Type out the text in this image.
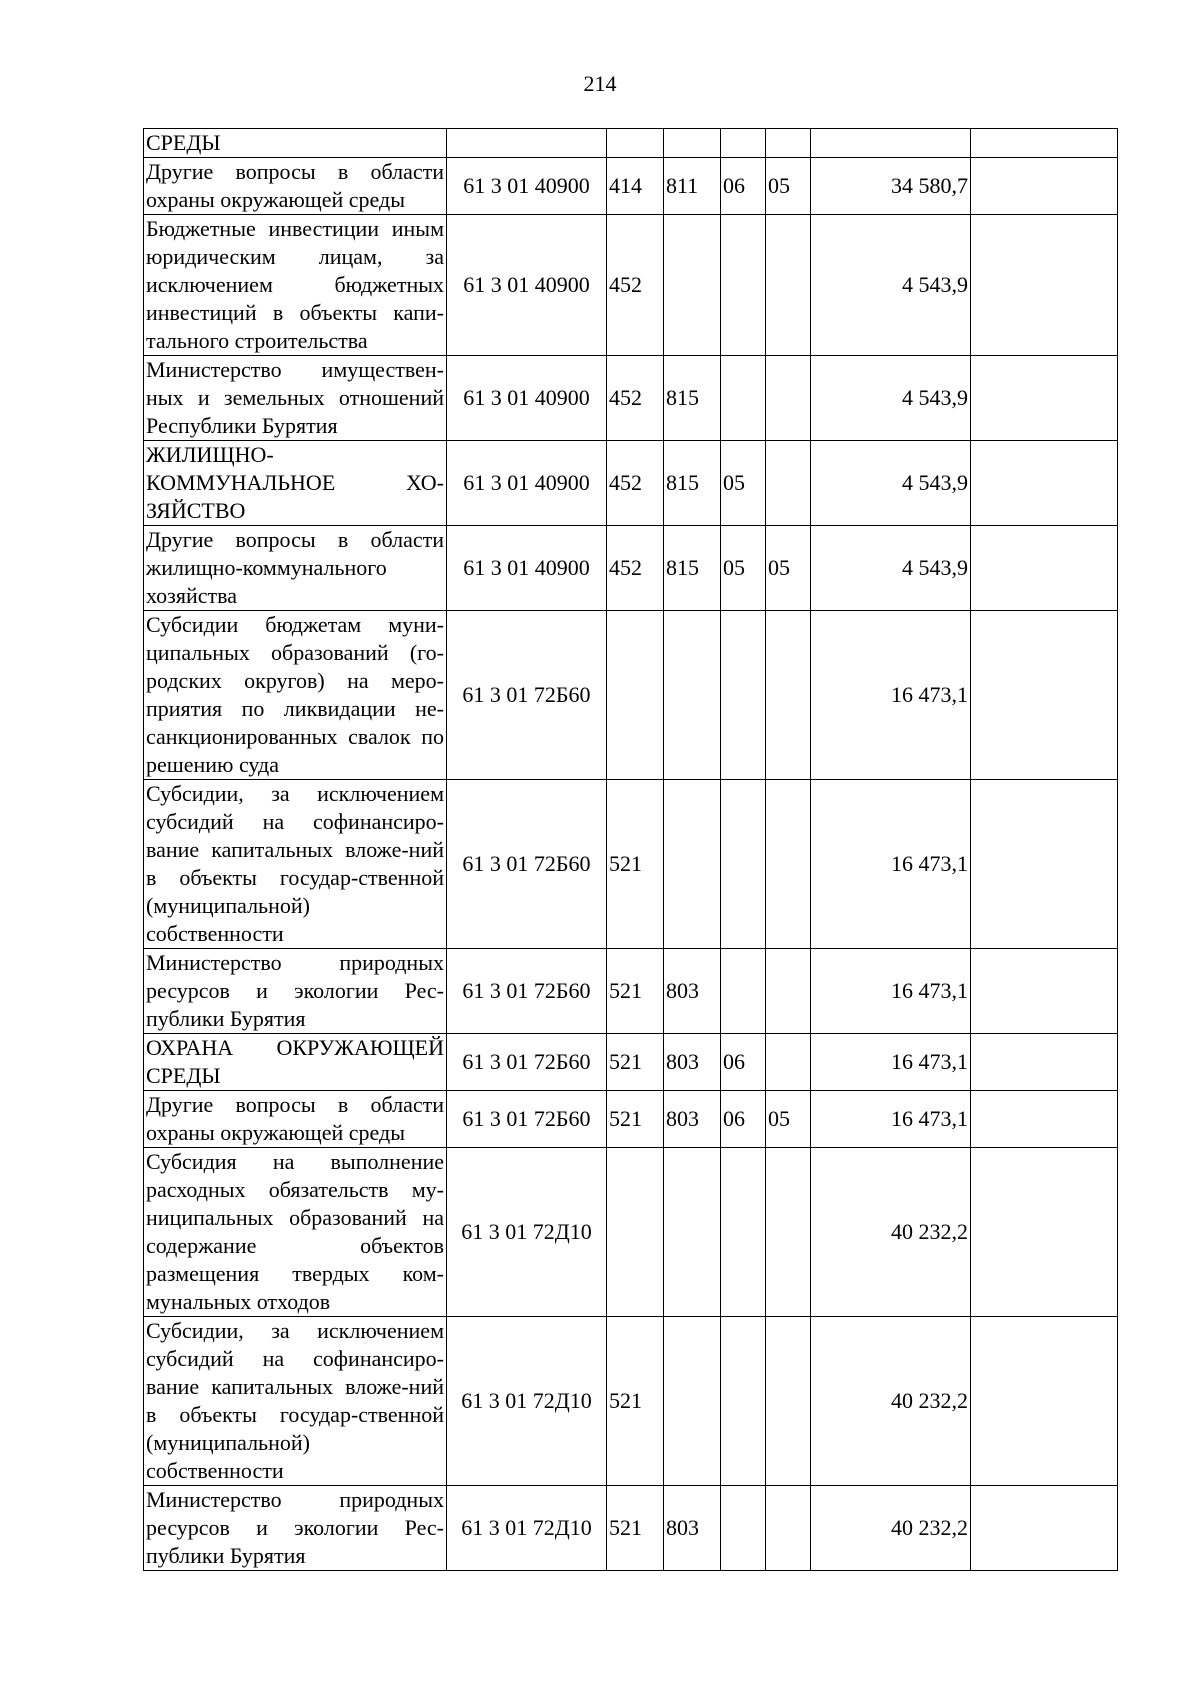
214
СРЕДЫ							
Другие вопросы в области охраны окружающей среды	61 3 01 40900	414	811	06	05	34 580,7	
Бюджетные инвестиции иным юридическим лицам, за исключением бюджетных инвестиций в объекты капи-тального строительства	61 3 01 40900	452				4 543,9	
Министерство имуществен-ных и земельных отношений Республики Бурятия	61 3 01 40900	452	815			4 543,9	
ЖИЛИЩНО-КОММУНАЛЬНОЕ ХО-ЗЯЙСТВО	61 3 01 40900	452	815	05		4 543,9	
Другие вопросы в области жилищно-коммунального хозяйства	61 3 01 40900	452	815	05	05	4 543,9	
Субсидии бюджетам муни-ципальных образований (го-родских округов) на меро-приятия по ликвидации не-санкционированных свалок по решению суда	61 3 01 72Б60					16 473,1	
Субсидии, за исключением субсидий на софинансиро-вание капитальных вложе-ний в объекты государ-ственной (муниципальной) собственности	61 3 01 72Б60	521				16 473,1	
Министерство природных ресурсов и экологии Рес-публики Бурятия	61 3 01 72Б60	521	803			16 473,1	
ОХРАНА ОКРУЖАЮЩЕЙ СРЕДЫ	61 3 01 72Б60	521	803	06		16 473,1	
Другие вопросы в области охраны окружающей среды	61 3 01 72Б60	521	803	06	05	16 473,1	
Субсидия на выполнение расходных обязательств му-ниципальных образований на содержание объектов размещения твердых ком-мунальных отходов	61 3 01 72Д10					40 232,2	
Субсидии, за исключением субсидий на софинансиро-вание капитальных вложе-ний в объекты государ-ственной (муниципальной) собственности	61 3 01 72Д10	521				40 232,2	
Министерство природных ресурсов и экологии Рес-публики Бурятия	61 3 01 72Д10	521	803			40 232,2	
